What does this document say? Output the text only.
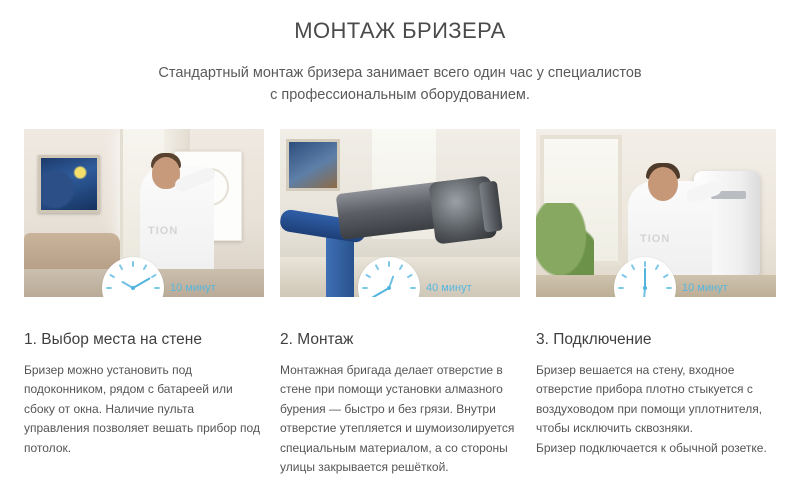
МОНТАЖ БРИЗЕРА
Стандартный монтаж бризера занимает всего один час у специалистов
с профессиональным оборудованием.
TION
10 минут
1. Выбор места на стене

Бризер можно установить под подоконником, рядом с батареей или сбоку от окна. Наличие пульта управления позволяет вешать прибор под потолок.

40 минут
2. Монтаж

Монтажная бригада делает отверстие в стене при помощи установки алмазного бурения — быстро и без грязи. Внутри отверстие утепляется и шумоизолируется специальным материалом, а со стороны улицы закрывается решёткой.

TION
10 минут
3. Подключение

Бризер вешается на стену, входное отверстие прибора плотно стыкуется с воздуховодом при помощи уплотнителя, чтобы исключить сквозняки.

Бризер подключается к обычной розетке.
